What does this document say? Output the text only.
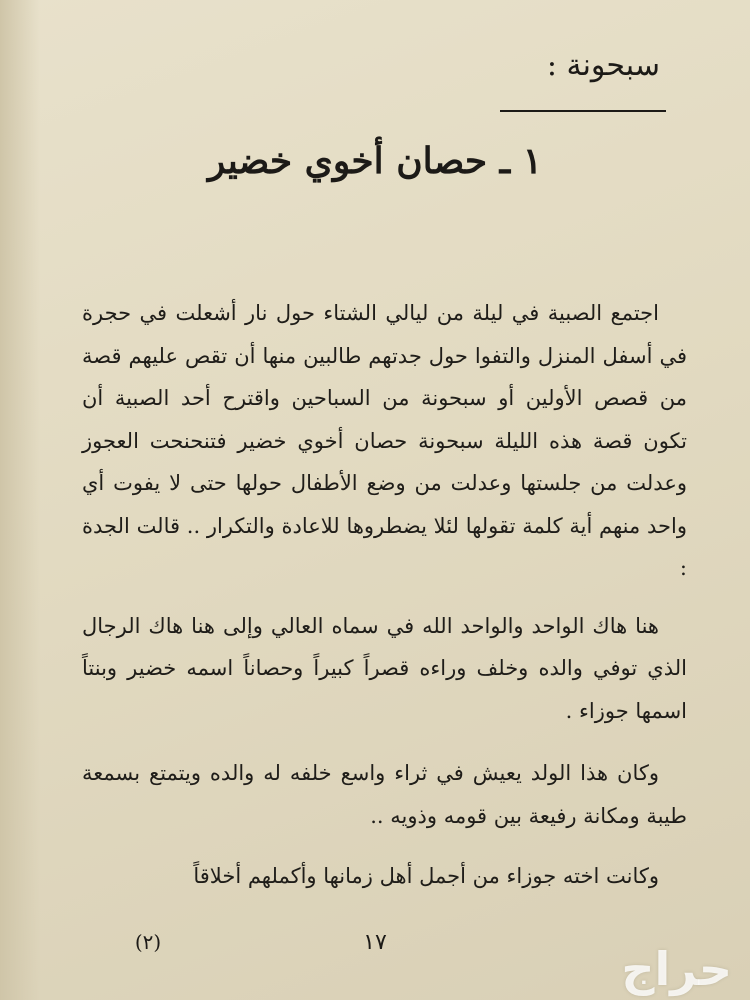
سبحونة :
١ ـ حصان أخوي خضير

اجتمع الصبية في ليلة من ليالي الشتاء حول نار أشعلت في حجرة في أسفل المنزل والتفوا حول جدتهم طالبين منها أن تقص عليهم قصة من قصص الأولين أو سبحونة من السباحين واقترح أحد الصبية أن تكون قصة هذه الليلة سبحونة حصان أخوي خضير فتنحنحت العجوز وعدلت من جلستها وعدلت من وضع الأطفال حولها حتى لا يفوت أي واحد منهم أية كلمة تقولها لئلا يضطروها للاعادة والتكرار .. قالت الجدة :

هنا هاك الواحد والواحد الله في سماه العالي وإلى هنا هاك الرجال الذي توفي والده وخلف وراءه قصراً كبيراً وحصاناً اسمه خضير وبنتاً اسمها جوزاء .

وكان هذا الولد يعيش في ثراء واسع خلفه له والده ويتمتع بسمعة طيبة ومكانة رفيعة بين قومه وذويه ..

وكانت اخته جوزاء من أجمل أهل زمانها وأكملهم أخلاقاً

(٢)	١٧	حراج
